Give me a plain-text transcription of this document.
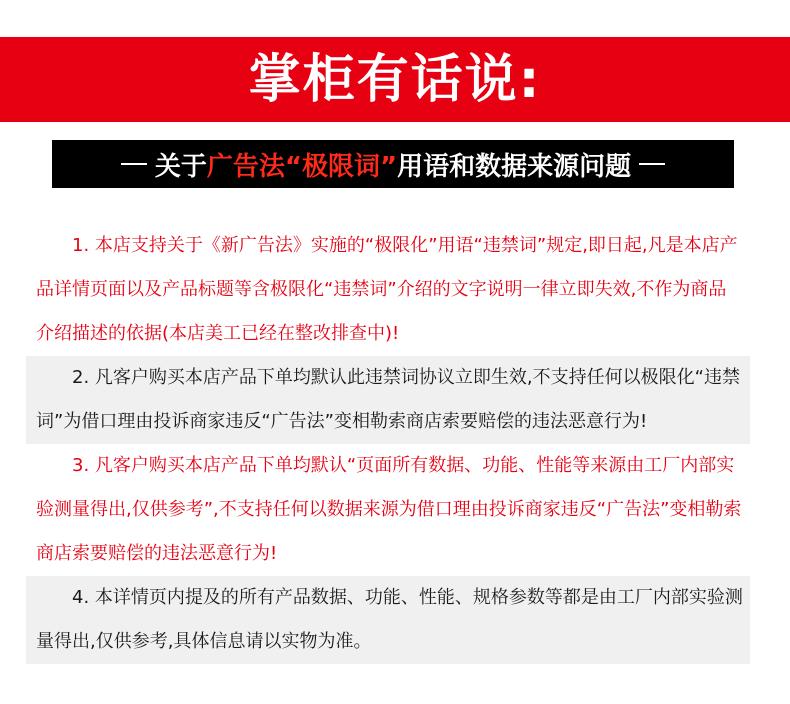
掌柜有话说:
关于 广告法 “极限词” 用语和数据来源问题
1. 本店支持关于《新广告法》实施的“极限化”用语“违禁词”规定,即日起,凡是本店产品详情页面以及产品标题等含极限化“违禁词”介绍的文字说明一律立即失效,不作为商品介绍描述的依据(本店美工已经在整改排查中)!
2. 凡客户购买本店产品下单均默认此违禁词协议立即生效,不支持任何以极限化“违禁词”为借口理由投诉商家违反“广告法”变相勒索商店索要赔偿的违法恶意行为!
3. 凡客户购买本店产品下单均默认“页面所有数据、功能、性能等来源由工厂内部实验测量得出,仅供参考”,不支持任何以数据来源为借口理由投诉商家违反“广告法”变相勒索商店索要赔偿的违法恶意行为!
4. 本详情页内提及的所有产品数据、功能、性能、规格参数等都是由工厂内部实验测量得出,仅供参考,具体信息请以实物为准。
